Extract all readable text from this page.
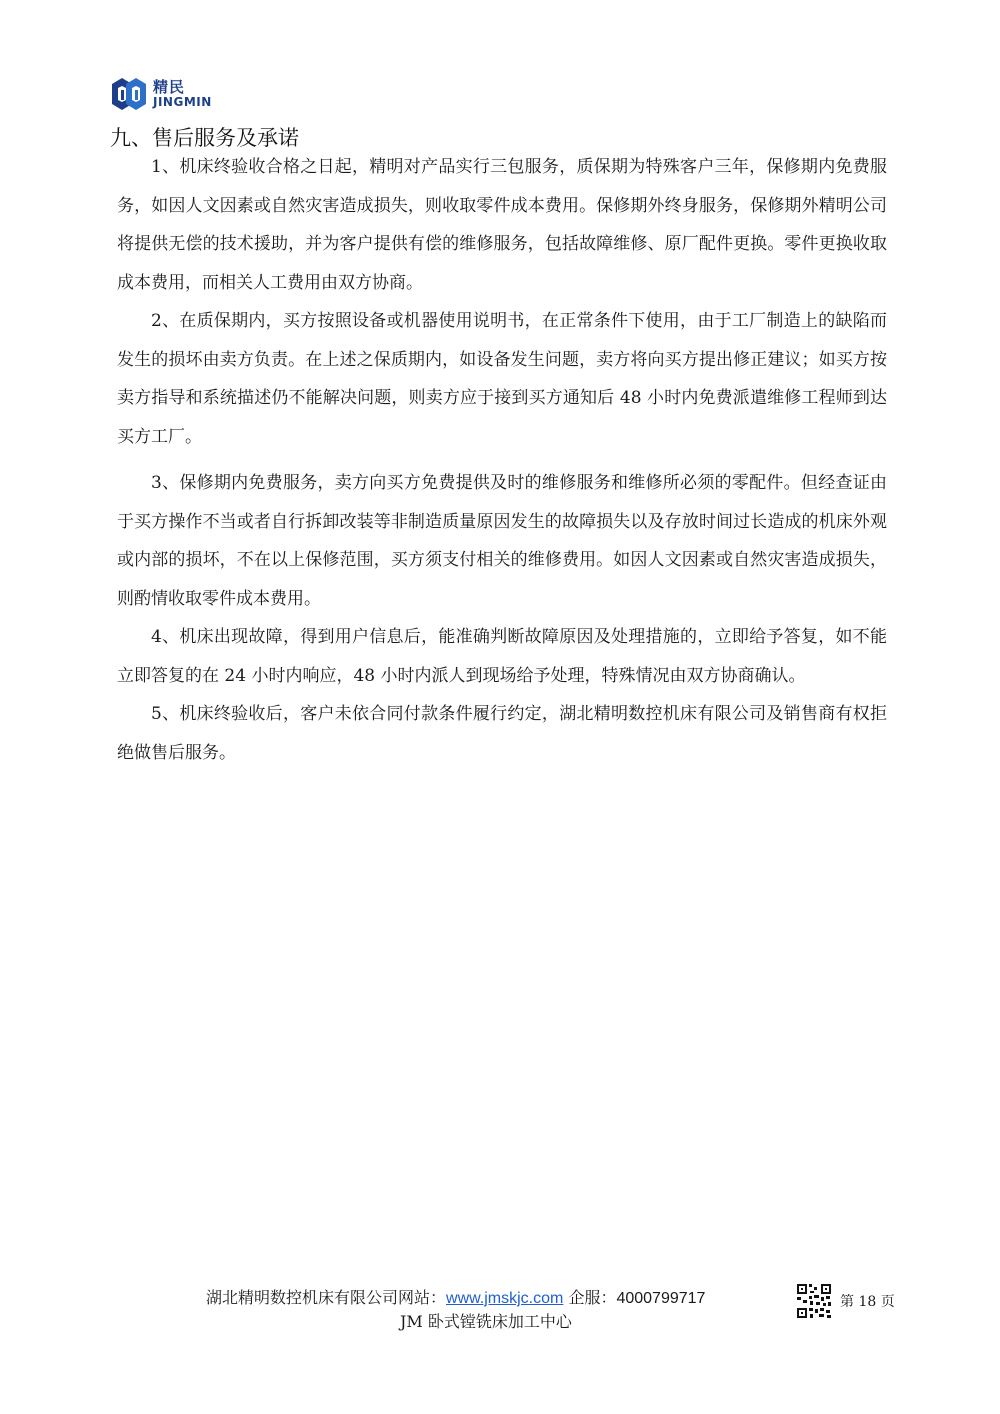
精民
JINGMIN
九、售后服务及承诺

1、机床终验收合格之日起，精明对产品实行三包服务，质保期为特殊客户三年，保修期内免费服务，如因人文因素或自然灾害造成损失，则收取零件成本费用。保修期外终身服务，保修期外精明公司将提供无偿的技术援助，并为客户提供有偿的维修服务，包括故障维修、原厂配件更换。零件更换收取成本费用，而相关人工费用由双方协商。

2、在质保期内，买方按照设备或机器使用说明书，在正常条件下使用，由于工厂制造上的缺陷而发生的损坏由卖方负责。在上述之保质期内，如设备发生问题，卖方将向买方提出修正建议；如买方按卖方指导和系统描述仍不能解决问题，则卖方应于接到买方通知后 48 小时内免费派遣维修工程师到达买方工厂。

3、保修期内免费服务，卖方向买方免费提供及时的维修服务和维修所必须的零配件。但经查证由于买方操作不当或者自行拆卸改装等非制造质量原因发生的故障损失以及存放时间过长造成的机床外观或内部的损坏，不在以上保修范围，买方须支付相关的维修费用。如因人文因素或自然灾害造成损失，则酌情收取零件成本费用。

4、机床出现故障，得到用户信息后，能准确判断故障原因及处理措施的，立即给予答复，如不能立即答复的在 24 小时内响应，48 小时内派人到现场给予处理，特殊情况由双方协商确认。

5、机床终验收后，客户未依合同付款条件履行约定，湖北精明数控机床有限公司及销售商有权拒绝做售后服务。

湖北精明数控机床有限公司网站：www.jmskjc.com 企服：4000799717
JM 卧式镗铣床加工中心
第 18 页
